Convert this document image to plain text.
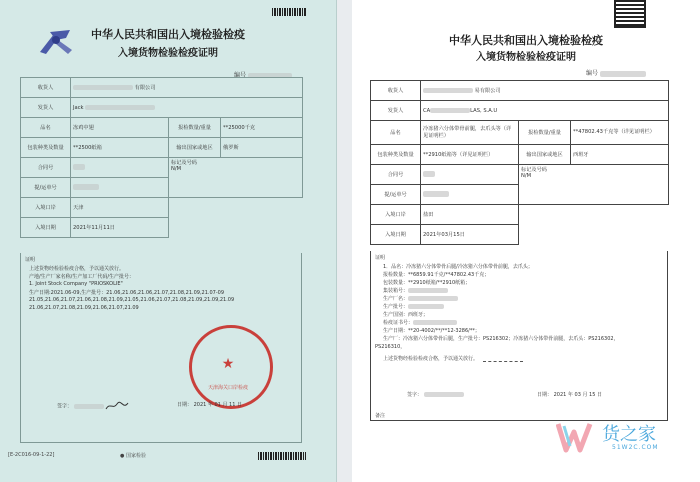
中华人民共和国出入境检验检疫
入境货物检验检疫证明
编号
收货人	有限公司		
发货人	Jack		
品名	冻鸡中翅	报检数量/重量	**25000千克
包装种类及数量	**2500纸箱	输出国家或地区	俄罗斯
合同号		标记及号码
N/M	

提/运单号			
入境口岸	天津		
入境日期	2021年11月11日		
证明
上述货物经检验检疫合格，予以通关放行。
产地/生产厂家名称/生产加工厂代码/生产批号：
1. Joint Stock Company "PRIOSKOLIE"
生产日期:2021.06-09,生产批号：21.06,21.06,21.06,21.07,21.08,21.09,21.07-09
21.05,21.06,21.07,21.06,21.08,21.09,21.05,21.06,21.07,21.08,21.09,21.09,21.09
21.06,21.07,21.08,21.09,21.06,21.07,21.09
★
天津海关口岸检疫
签字：	日期： 2021 年 01 月 11 日
[E-2C016-09-1-22]	● 国家检验
中华人民共和国出入境检验检疫
入境货物检验检疫证明
编号
收货人	易有限公司		
发货人	CA LAS, S.A.U		
品名	冷冻猪六分体带骨前腿，去爪头等（详见证明栏）	报检数量/重量	**47802.43千克等（详见证明栏）
包装种类及数量	**2910纸箱等（详见证明栏）	输出国家或地区	西班牙
合同号		标记及号码
N/M	

提/运单号			
入境口岸	盐田		
入境日期	2021年03月15日		
证明
1．品名：冷冻猪六分体带骨后腿/冷冻猪六分体带骨前腿，去爪头；
报检数量：**6859.91千克/**47802.43千克；
包装数量：**2910纸箱/**2910纸箱；
集装箱号：
生产厂名：
生产批号：
生产国别：西班牙；
检疫证书号：
生产日期：**20-4002/**/**12-3286/**；
生产厂：冷冻猪六分体带骨后腿，生产批号：PS216302；冷冻猪六分体带骨前腿，去爪头：PS216302，
PS216310，
上述货物经检验检疫合格，予以通关放行。
签字：	日期： 2021 年 03 月 15 日
备注
货之家
51W2C.COM
